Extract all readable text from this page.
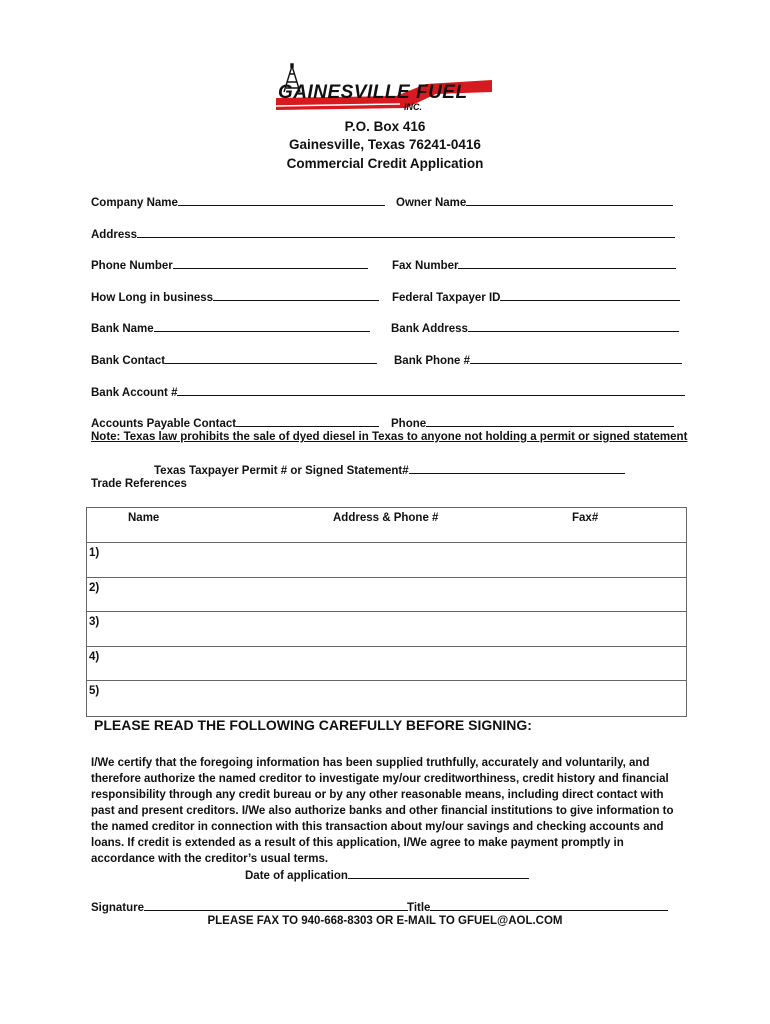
GAINESVILLE FUEL
INC.
P.O. Box 416
Gainesville, Texas 76241-0416
Commercial Credit Application
Company Name	Owner Name
Address
Phone Number	Fax Number
How Long in business	Federal Taxpayer ID
Bank Name	Bank Address
Bank Contact	Bank Phone #
Bank Account #
Accounts Payable Contact	Phone
Note: Texas law prohibits the sale of dyed diesel in Texas to anyone not holding a permit or signed statement
Texas Taxpayer Permit # or Signed Statement#
Trade References
Name	Address & Phone #	Fax#
1)
2)
3)
4)
5)
PLEASE READ THE FOLLOWING CAREFULLY BEFORE SIGNING:
I/We certify that the foregoing information has been supplied truthfully, accurately and voluntarily, and therefore authorize the named creditor to investigate my/our creditworthiness, credit history and financial responsibility through any credit bureau or by any other reasonable means, including direct contact with past and present creditors. I/We also authorize banks and other financial institutions to give information to the named creditor in connection with this transaction about my/our savings and checking accounts and loans. If credit is extended as a result of this application, I/We agree to make payment promptly in accordance with the creditor’s usual terms.
Date of application
Signature	Title
PLEASE FAX TO 940-668-8303 OR E-MAIL TO GFUEL@AOL.COM
